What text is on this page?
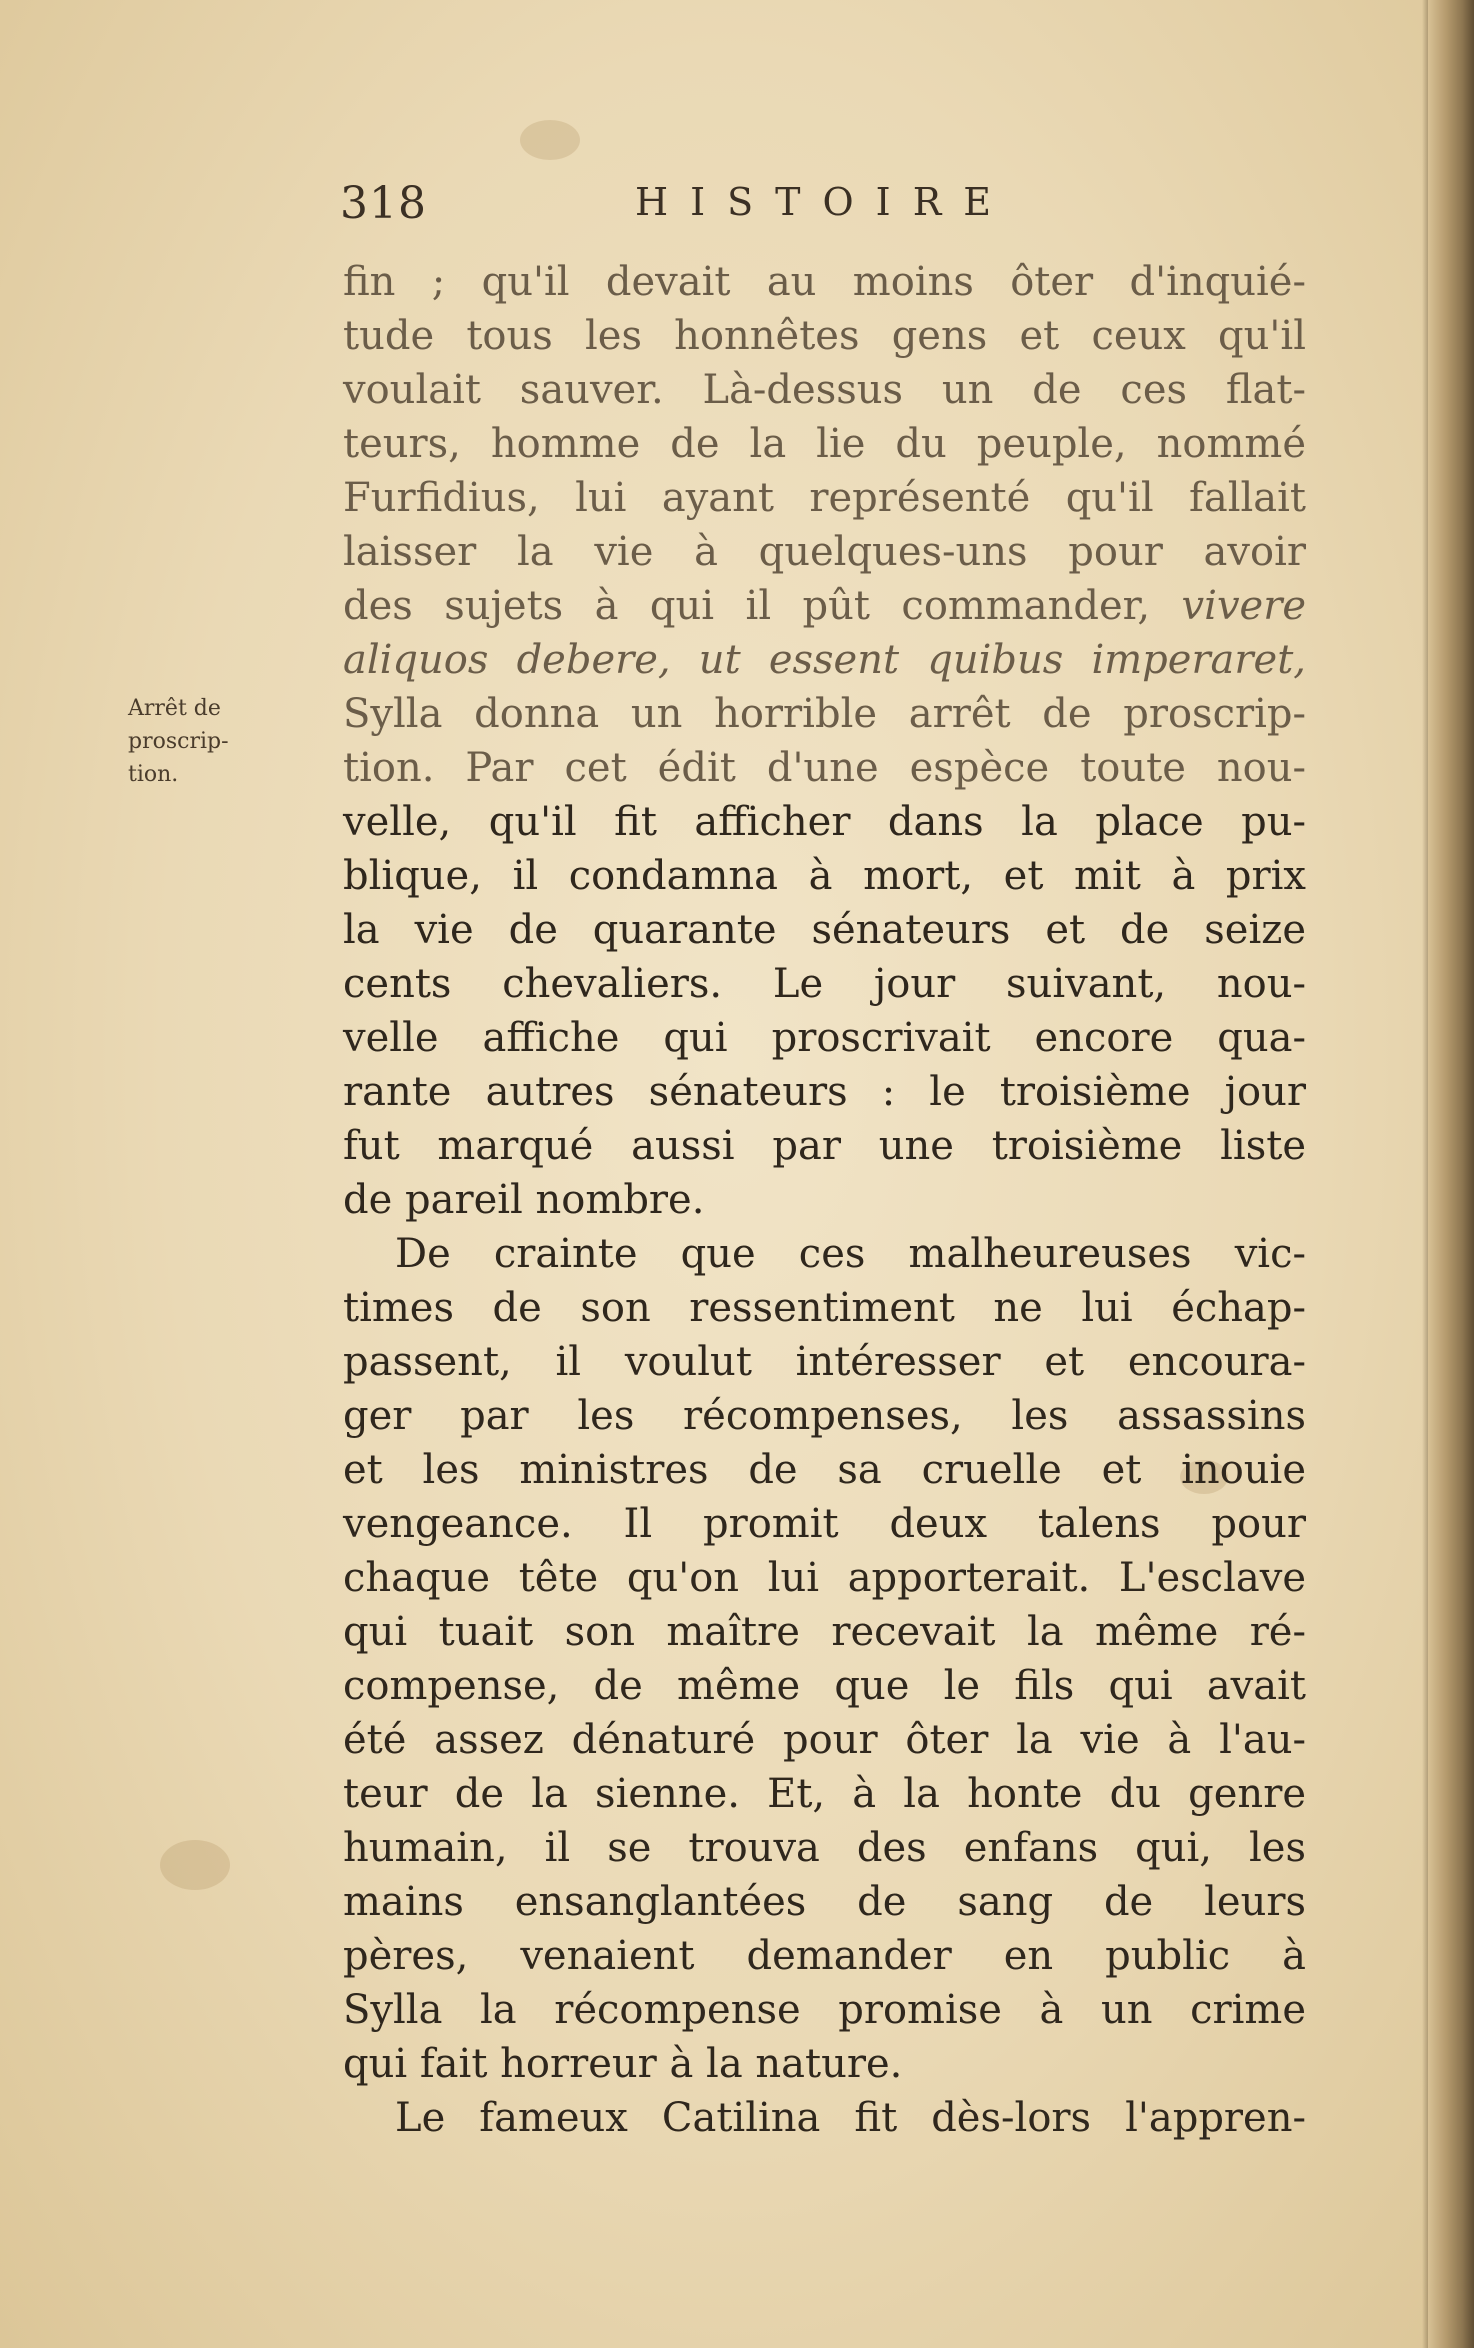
318	HISTOIRE
Arrêt de
proscrip-
tion.
fin ; qu'il devait au moins ôter d'inquié-
tude tous les honnêtes gens et ceux qu'il
voulait sauver. Là-dessus un de ces flat-
teurs, homme de la lie du peuple, nommé
Furfidius, lui ayant représenté qu'il fallait
laisser la vie à quelques-uns pour avoir
des sujets à qui il pût commander, vivere
aliquos debere, ut essent quibus imperaret,
Sylla donna un horrible arrêt de proscrip-
tion. Par cet édit d'une espèce toute nou-
velle, qu'il fit afficher dans la place pu-
blique, il condamna à mort, et mit à prix
la vie de quarante sénateurs et de seize
cents chevaliers. Le jour suivant, nou-
velle affiche qui proscrivait encore qua-
rante autres sénateurs : le troisième jour
fut marqué aussi par une troisième liste
de pareil nombre.
De crainte que ces malheureuses vic-
times de son ressentiment ne lui échap-
passent, il voulut intéresser et encoura-
ger par les récompenses, les assassins
et les ministres de sa cruelle et inouie
vengeance. Il promit deux talens pour
chaque tête qu'on lui apporterait. L'esclave
qui tuait son maître recevait la même ré-
compense, de même que le fils qui avait
été assez dénaturé pour ôter la vie à l'au-
teur de la sienne. Et, à la honte du genre
humain, il se trouva des enfans qui, les
mains ensanglantées de sang de leurs
pères, venaient demander en public à
Sylla la récompense promise à un crime
qui fait horreur à la nature.
Le fameux Catilina fit dès-lors l'appren-
